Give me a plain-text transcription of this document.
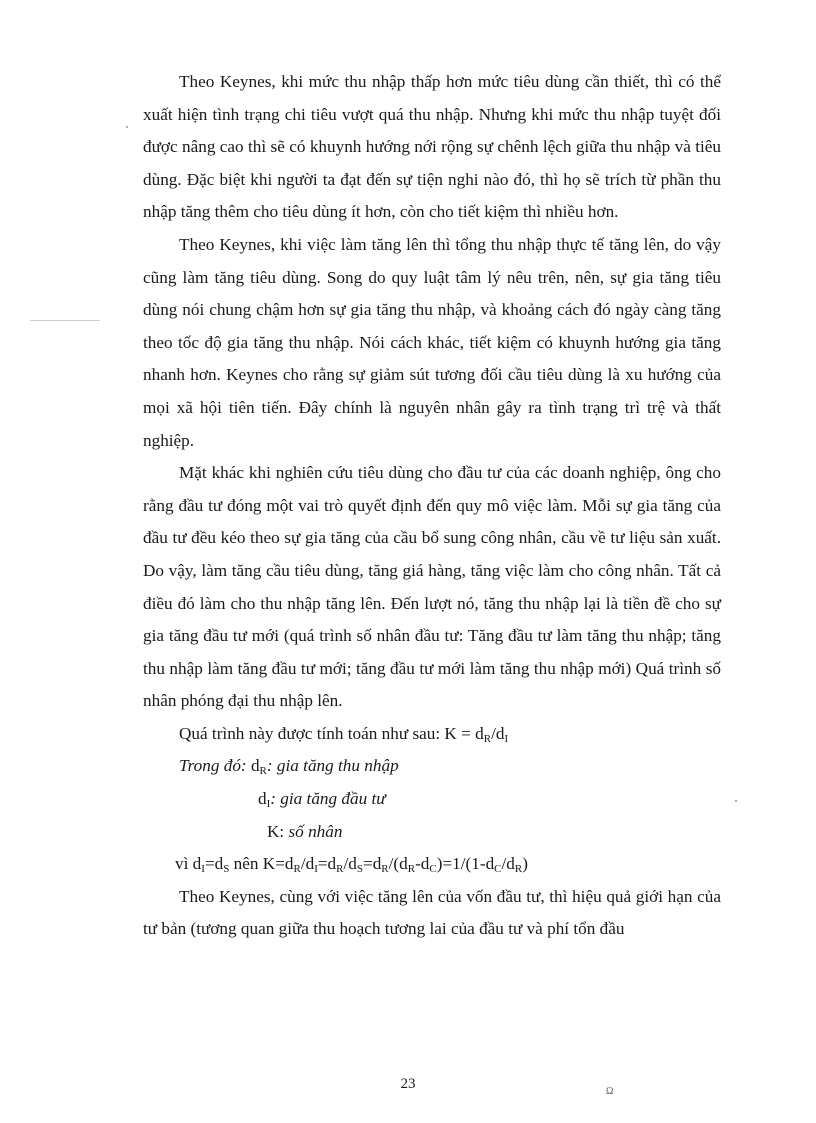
Theo Keynes, khi mức thu nhập thấp hơn mức tiêu dùng cần thiết, thì có thể xuất hiện tình trạng chi tiêu vượt quá thu nhập. Nhưng khi mức thu nhập tuyệt đối được nâng cao thì sẽ có khuynh hướng nới rộng sự chênh lệch giữa thu nhập và tiêu dùng. Đặc biệt khi người ta đạt đến sự tiện nghi nào đó, thì họ sẽ trích từ phần thu nhập tăng thêm cho tiêu dùng ít hơn, còn cho tiết kiệm thì nhiều hơn.

Theo Keynes, khi việc làm tăng lên thì tổng thu nhập thực tế tăng lên, do vậy cũng làm tăng tiêu dùng. Song do quy luật tâm lý nêu trên, nên, sự gia tăng tiêu dùng nói chung chậm hơn sự gia tăng thu nhập, và khoảng cách đó ngày càng tăng theo tốc độ gia tăng thu nhập. Nói cách khác, tiết kiệm có khuynh hướng gia tăng nhanh hơn. Keynes cho rằng sự giảm sút tương đối cầu tiêu dùng là xu hướng của mọi xã hội tiên tiến. Đây chính là nguyên nhân gây ra tình trạng trì trệ và thất nghiệp.

Mặt khác khi nghiên cứu tiêu dùng cho đầu tư của các doanh nghiệp, ông cho rằng đầu tư đóng một vai trò quyết định đến quy mô việc làm. Mỗi sự gia tăng của đầu tư đều kéo theo sự gia tăng của cầu bổ sung công nhân, cầu về tư liệu sản xuất. Do vậy, làm tăng cầu tiêu dùng, tăng giá hàng, tăng việc làm cho công nhân. Tất cả điều đó làm cho thu nhập tăng lên. Đến lượt nó, tăng thu nhập lại là tiền đề cho sự gia tăng đầu tư mới (quá trình số nhân đầu tư: Tăng đầu tư làm tăng thu nhập; tăng thu nhập làm tăng đầu tư mới; tăng đầu tư mới làm tăng thu nhập mới) Quá trình số nhân phóng đại thu nhập lên.

Quá trình này được tính toán như sau: $K = d_R/d_I$

Trong đó: $d_R$: gia tăng thu nhập

$d_I$: gia tăng đầu tư

K: số nhân

vì $d_I=d_S$ nên $K=d_R/d_I=d_R/d_S=d_R/(d_R-d_C)=1/(1-d_C/d_R)$

Theo Keynes, cùng với việc tăng lên của vốn đầu tư, thì hiệu quả giới hạn của tư bản (tương quan giữa thu hoạch tương lai của đầu tư và phí tổn đầu

23	Ω
